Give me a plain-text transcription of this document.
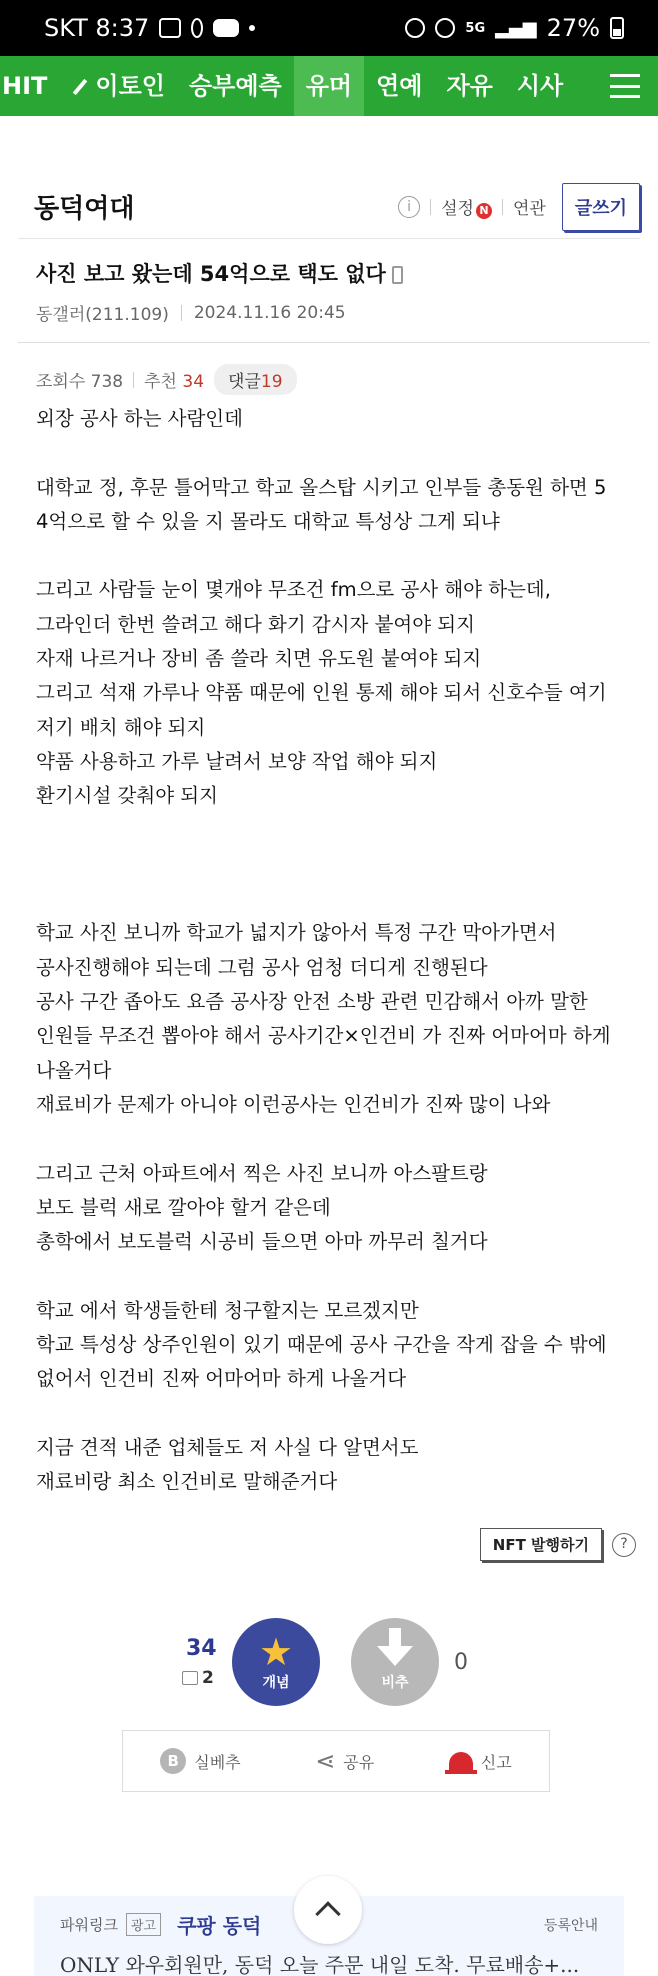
SKT 8:37	5G ▂▄▆ 27%
HIT	이토인	승부예측	유머	연예	자유	시사
동덕여대	i	설정 N 연관	글쓰기
사진 보고 왔는데 54억으로 택도 없다
동갤러(211.109) 2024.11.16 20:45
조회수 738 추천 34	댓글19

외장 공사 하는 사람인데

대학교 정, 후문 틀어막고 학교 올스탑 시키고 인부들 총동원 하면 5

4억으로 할 수 있을 지 몰라도 대학교 특성상 그게 되냐

그리고 사람들 눈이 몇개야 무조건 fm으로 공사 해야 하는데,

그라인더 한번 쓸려고 해다 화기 감시자 붙여야 되지

자재 나르거나 장비 좀 쓸라 치면 유도원 붙여야 되지

그리고 석재 가루나 약품 때문에 인원 통제 해야 되서 신호수들 여기

저기 배치 해야 되지

약품 사용하고 가루 날려서 보양 작업 해야 되지

환기시설 갖춰야 되지

학교 사진 보니까 학교가 넓지가 않아서 특정 구간 막아가면서

공사진행해야 되는데 그럼 공사 엄청 더디게 진행된다

공사 구간 좁아도 요즘 공사장 안전 소방 관련 민감해서 아까 말한

인원들 무조건 뽑아야 해서 공사기간×인건비 가 진짜 어마어마 하게

나올거다

재료비가 문제가 아니야 이런공사는 인건비가 진짜 많이 나와

그리고 근처 아파트에서 찍은 사진 보니까 아스팔트랑

보도 블럭 새로 깔아야 할거 같은데

총학에서 보도블럭 시공비 들으면 아마 까무러 칠거다

학교 에서 학생들한테 청구할지는 모르겠지만

학교 특성상 상주인원이 있기 때문에 공사 구간을 작게 잡을 수 밖에

없어서 인건비 진짜 어마어마 하게 나올거다

지금 견적 내준 업체들도 저 사실 다 알면서도

재료비랑 최소 인건비로 말해준거다

NFT 발행하기	?
34
2
★
개념	비추
0
B 실베추	⋖ 공유	신고
파워링크	광고 쿠팡 동덕	등록안내
ONLY 와우회원만, 동덕 오늘 주문 내일 도착. 무료배송+...
